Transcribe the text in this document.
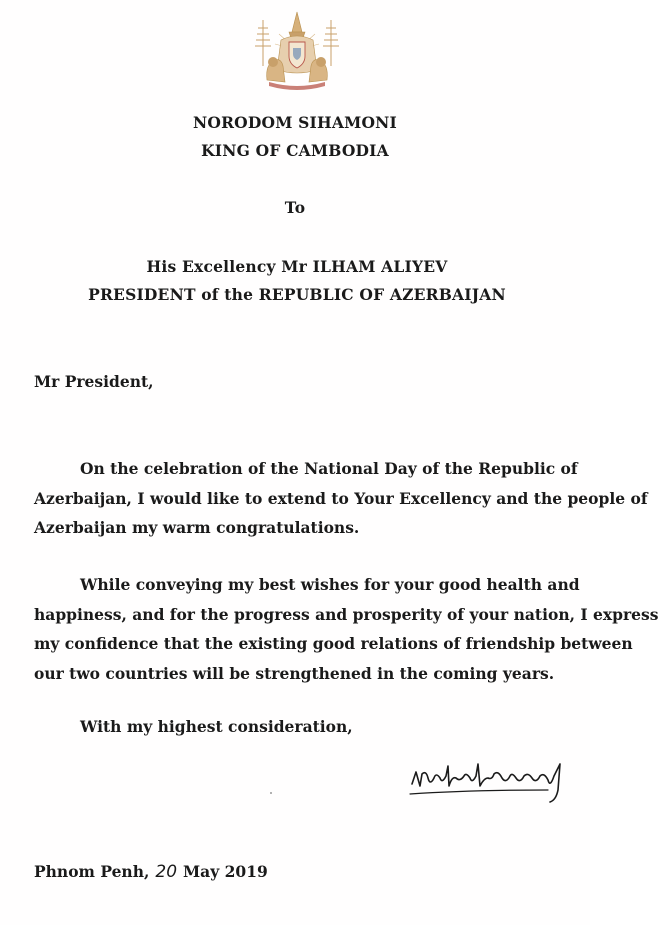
NORODOM SIHAMONI
KING OF CAMBODIA
To
His Excellency Mr ILHAM ALIYEV
PRESIDENT of the REPUBLIC OF AZERBAIJAN
Mr President,
On the celebration of the National Day of the Republic of
Azerbaijan, I would like to extend to Your Excellency and the people of
Azerbaijan my warm congratulations.
While conveying my best wishes for your good health and
happiness, and for the progress and prosperity of your nation, I express
my confidence that the existing good relations of friendship between
our two countries will be strengthened in the coming years.
With my highest consideration,
Phnom Penh, 20 May 2019
